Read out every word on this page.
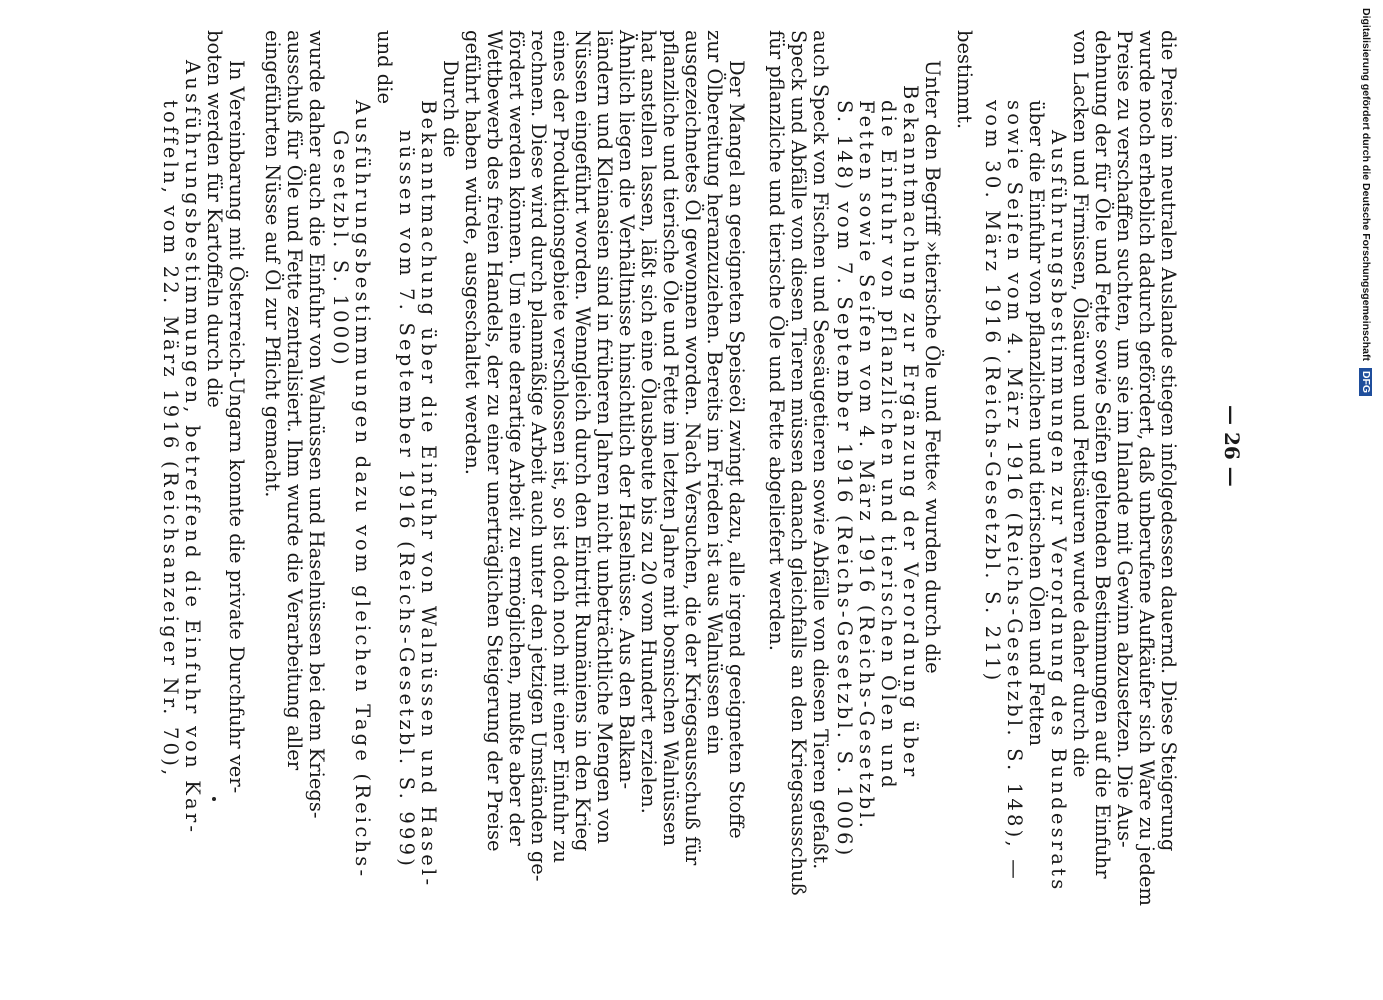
Digitalisierung gefördert durch die Deutsche Forschungsgemeinschaft DFG
— 26 —
die Preise im neutralen Auslande stiegen infolgedessen dauernd. Diese Steigerung
wurde noch erheblich dadurch gefördert, daß unberufene Aufkäufer sich Ware zu jedem
Preise zu verschaffen suchten, um sie im Inlande mit Gewinn abzusetzen. Die Aus-
dehnung der für Öle und Fette sowie Seifen geltenden Bestimmungen auf die Einfuhr
von Lacken und Firnissen, Ölsäuren und Fettsäuren wurde daher durch die
Ausführungsbestimmungen zur Verordnung des Bundesrats
über die Einfuhr von pflanzlichen und tierischen Ölen und Fetten
sowie Seifen vom 4. März 1916 (Reichs-Gesetzbl. S. 148), —
vom 30. März 1916 (Reichs-Gesetzbl. S. 211)
bestimmt.
Unter den Begriff »tierische Öle und Fette« wurden durch die
Bekanntmachung zur Ergänzung der Verordnung über
die Einfuhr von pflanzlichen und tierischen Ölen und
Fetten sowie Seifen vom 4. März 1916 (Reichs-Gesetzbl.
S. 148) vom 7. September 1916 (Reichs-Gesetzbl. S. 1006)
auch Speck von Fischen und Seesäugetieren sowie Abfälle von diesen Tieren gefaßt.
Speck und Abfälle von diesen Tieren müssen danach gleichfalls an den Kriegsausschuß
für pflanzliche und tierische Öle und Fette abgeliefert werden.
Der Mangel an geeigneten Speiseöl zwingt dazu, alle irgend geeigneten Stoffe
zur Ölbereitung heranzuziehen. Bereits im Frieden ist aus Walnüssen ein
ausgezeichnetes Öl gewonnen worden. Nach Versuchen, die der Kriegsausschuß für
pflanzliche und tierische Öle und Fette im letzten Jahre mit bosnischen Walnüssen
hat anstellen lassen, läßt sich eine Ölausbeute bis zu 20 vom Hundert erzielen.
Ähnlich liegen die Verhältnisse hinsichtlich der Haselnüsse. Aus den Balkan-
ländern und Kleinasien sind in früheren Jahren nicht unbeträchtliche Mengen von
Nüssen eingeführt worden. Wenngleich durch den Eintritt Rumäniens in den Krieg
eines der Produktionsgebiete verschlossen ist, so ist doch noch mit einer Einfuhr zu
rechnen. Diese wird durch planmäßige Arbeit auch unter den jetzigen Umständen ge-
fördert werden können. Um eine derartige Arbeit zu ermöglichen, mußte aber der
Wettbewerb des freien Handels, der zu einer unerträglichen Steigerung der Preise
geführt haben würde, ausgeschaltet werden.
Durch die
Bekanntmachung über die Einfuhr von Walnüssen und Hasel-
nüssen vom 7. September 1916 (Reichs-Gesetzbl. S. 999)
und die
Ausführungsbestimmungen dazu vom gleichen Tage (Reichs-
Gesetzbl. S. 1000)
wurde daher auch die Einfuhr von Walnüssen und Haselnüssen bei dem Kriegs-
ausschuß für Öle und Fette zentralisiert. Ihm wurde die Verarbeitung aller
eingeführten Nüsse auf Öl zur Pflicht gemacht.
In Vereinbarung mit Österreich-Ungarn konnte die private Durchfuhr ver-
boten werden für Kartoffeln durch die
Ausführungsbestimmungen, betreffend die Einfuhr von Kar-
toffeln, vom 22. März 1916 (Reichsanzeiger Nr. 70),
